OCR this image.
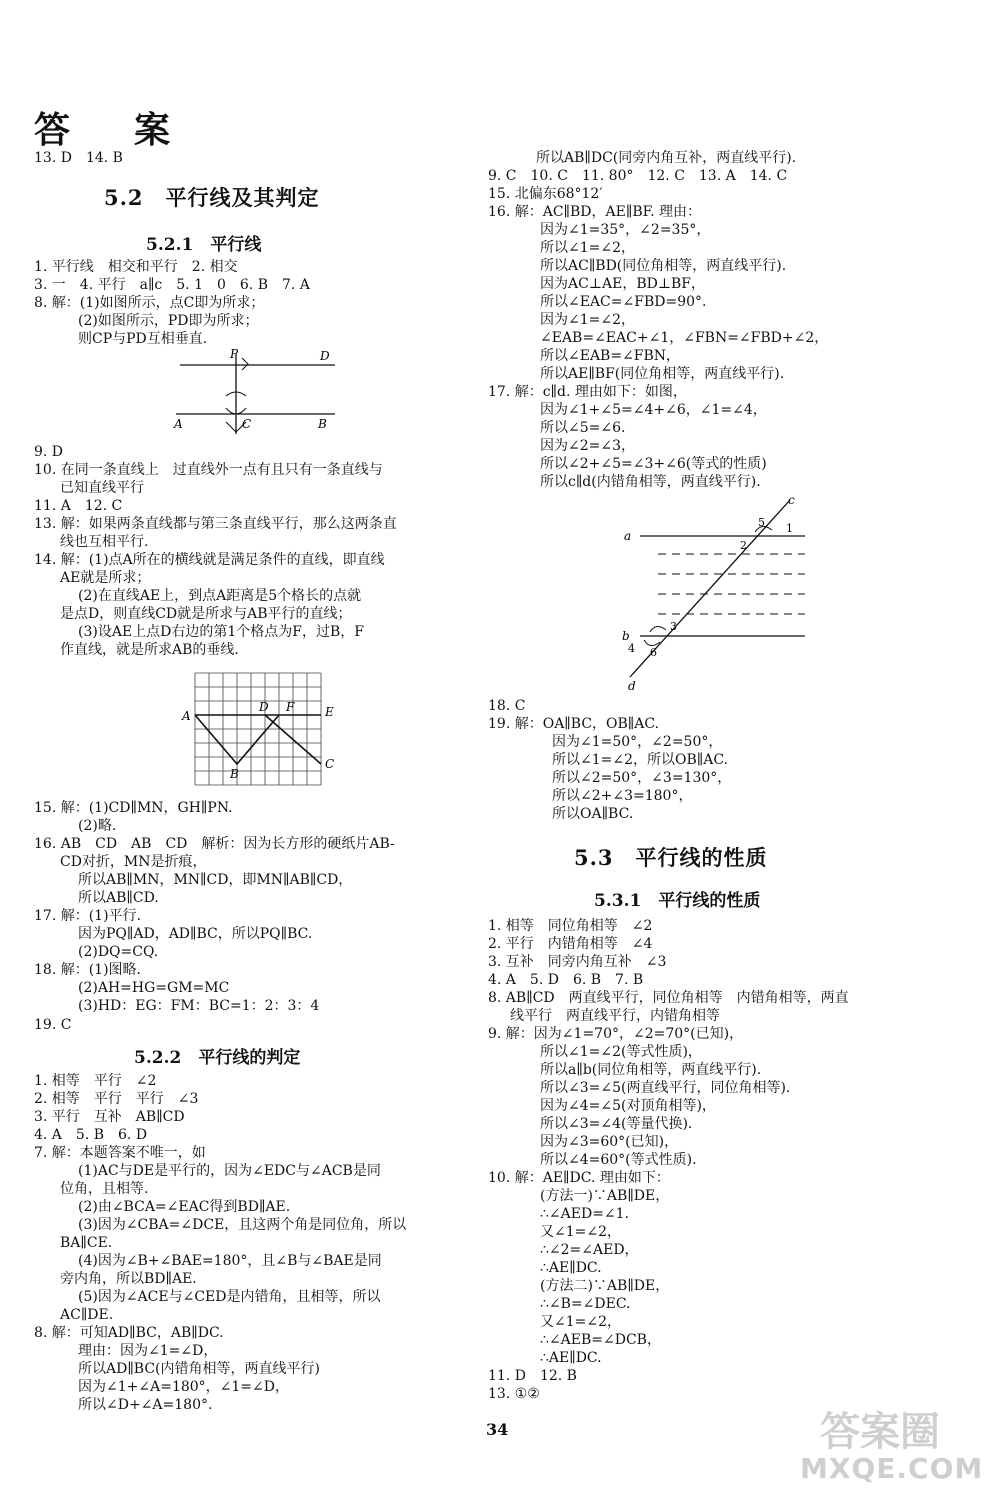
答　案
13. D　14. B
5.2　平行线及其判定
5.2.1　平行线
1. 平行线　相交和平行　2. 相交
3. 一　4. 平行　a∥c　5. 1　0　6. B　7. A
8. 解：(1)如图所示，点C即为所求；
(2)如图所示，PD即为所求；
则CP与PD互相垂直.
P	D
A	C	B
9. D
10. 在同一条直线上　过直线外一点有且只有一条直线与
已知直线平行
11. A　12. C
13. 解：如果两条直线都与第三条直线平行，那么这两条直
线也互相平行.
14. 解：(1)点A所在的横线就是满足条件的直线，即直线
AE就是所求；
(2)在直线AE上，到点A距离是5个格长的点就
是点D，则直线CD就是所求与AB平行的直线；
(3)设AE上点D右边的第1个格点为F，过B，F
作直线，就是所求AB的垂线.
A
D F	E
B
C
15. 解：(1)CD∥MN，GH∥PN.
(2)略.
16. AB　CD　AB　CD　解析：因为长方形的硬纸片AB-
CD对折，MN是折痕，
所以AB∥MN，MN∥CD，即MN∥AB∥CD，
所以AB∥CD.
17. 解：(1)平行.
因为PQ∥AD，AD∥BC，所以PQ∥BC.
(2)DQ=CQ.
18. 解：(1)图略.
(2)AH=HG=GM=MC
(3)HD：EG：FM：BC=1：2：3：4
19. C
5.2.2　平行线的判定
1. 相等　平行　∠2
2. 相等　平行　平行　∠3
3. 平行　互补　AB∥CD
4. A　5. B　6. D
7. 解：本题答案不唯一，如
(1)AC与DE是平行的，因为∠EDC与∠ACB是同
位角，且相等.
(2)由∠BCA=∠EAC得到BD∥AE.
(3)因为∠CBA=∠DCE，且这两个角是同位角，所以
BA∥CE.
(4)因为∠B+∠BAE=180°，且∠B与∠BAE是同
旁内角，所以BD∥AE.
(5)因为∠ACE与∠CED是内错角，且相等，所以
AC∥DE.
8. 解：可知AD∥BC，AB∥DC.
理由：因为∠1=∠D，
所以AD∥BC(内错角相等，两直线平行)
因为∠1+∠A=180°，∠1=∠D，
所以∠D+∠A=180°.
所以AB∥DC(同旁内角互补，两直线平行).
9. C　10. C　11. 80°　12. C　13. A　14. C
15. 北偏东68°12′
16. 解：AC∥BD，AE∥BF. 理由：
因为∠1=35°，∠2=35°，
所以∠1=∠2，
所以AC∥BD(同位角相等，两直线平行).
因为AC⊥AE，BD⊥BF，
所以∠EAC=∠FBD=90°.
因为∠1=∠2，
∠EAB=∠EAC+∠1，∠FBN=∠FBD+∠2，
所以∠EAB=∠FBN，
所以AE∥BF(同位角相等，两直线平行).
17. 解：c∥d. 理由如下：如图，
因为∠1+∠5=∠4+∠6，∠1=∠4，
所以∠5=∠6.
因为∠2=∠3，
所以∠2+∠5=∠3+∠6(等式的性质)
所以c∥d(内错角相等，两直线平行).
c
a
b
d
1
5
2
3
4 6
18. C
19. 解：OA∥BC，OB∥AC.
因为∠1=50°，∠2=50°，
所以∠1=∠2，所以OB∥AC.
所以∠2=50°，∠3=130°，
所以∠2+∠3=180°，
所以OA∥BC.
5.3　平行线的性质
5.3.1　平行线的性质
1. 相等　同位角相等　∠2
2. 平行　内错角相等　∠4
3. 互补　同旁内角互补　∠3
4. A　5. D　6. B　7. B
8. AB∥CD　两直线平行，同位角相等　内错角相等，两直
线平行　两直线平行，内错角相等
9. 解：因为∠1=70°，∠2=70°(已知)，
所以∠1=∠2(等式性质)，
所以a∥b(同位角相等，两直线平行).
所以∠3=∠5(两直线平行，同位角相等).
因为∠4=∠5(对顶角相等)，
所以∠3=∠4(等量代换).
因为∠3=60°(已知)，
所以∠4=60°(等式性质).
10. 解：AE∥DC. 理由如下：
(方法一)∵AB∥DE，
∴∠AED=∠1.
又∠1=∠2，
∴∠2=∠AED，
∴AE∥DC.
(方法二)∵AB∥DE，
∴∠B=∠DEC.
又∠1=∠2，
∴∠AEB=∠DCB，
∴AE∥DC.
11. D　12. B
13. ①②
34	答案圈
MXQE.COM
